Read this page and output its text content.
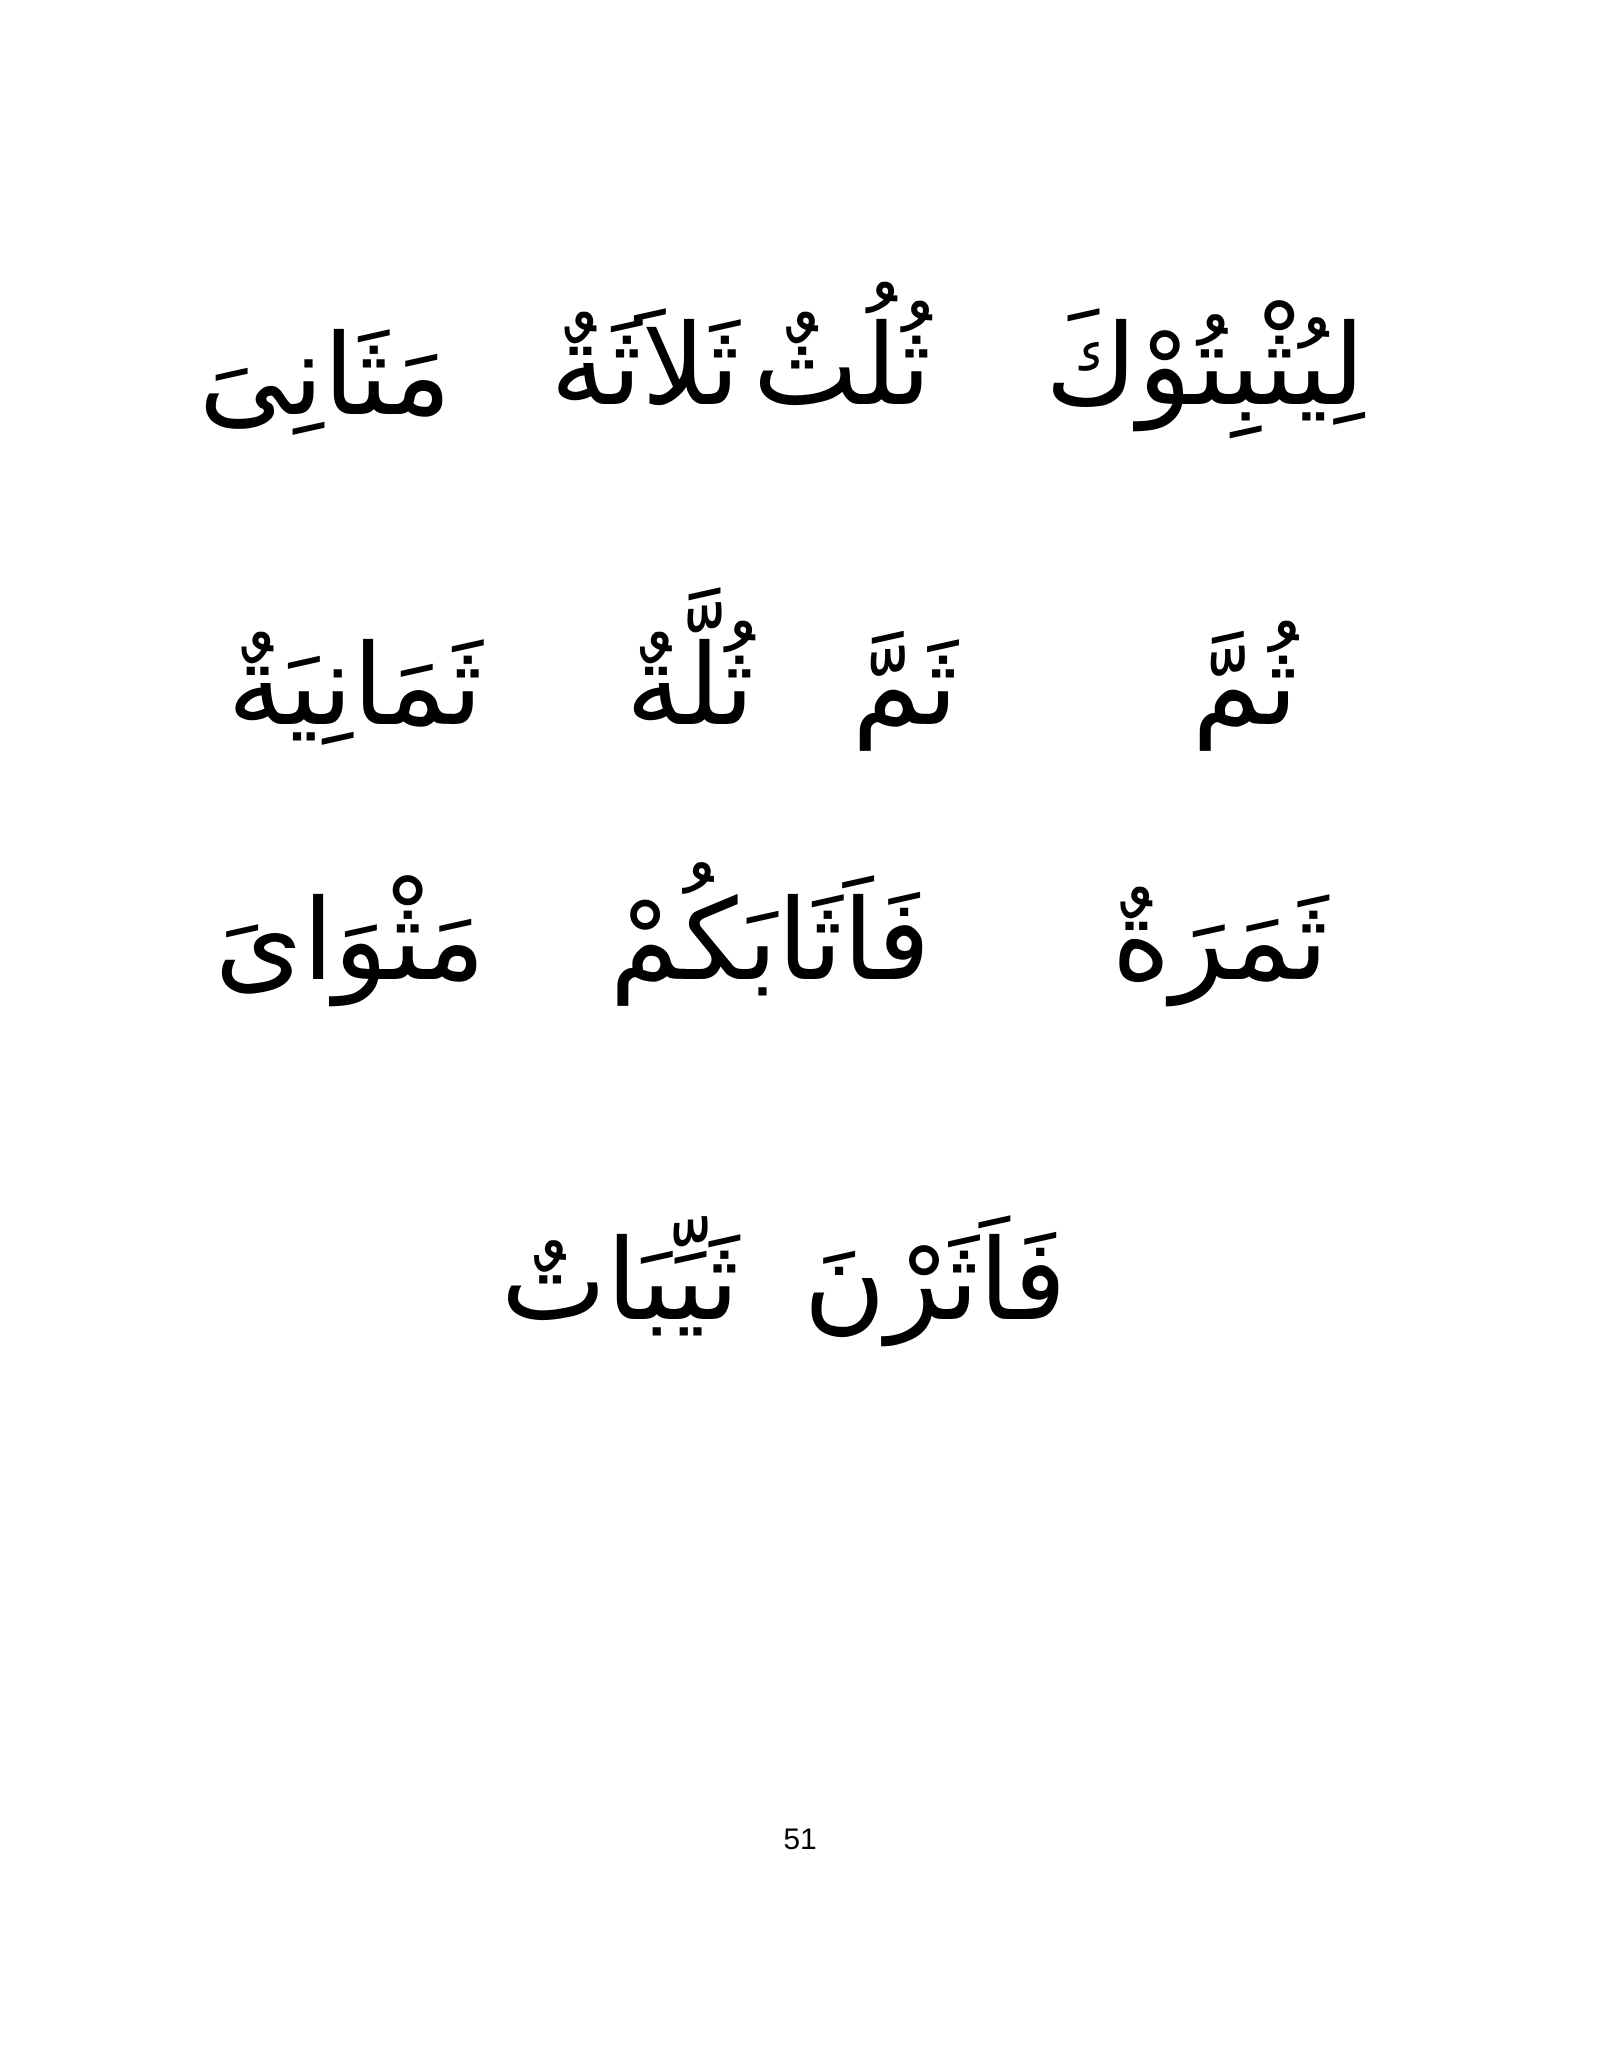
لِيُثْبِتُوْكَ
ثُلُثٌ
ثَلاَثَةٌ
مَثَانِىَ
ثُمَّ
ثَمَّ
ثُلَّةٌ
ثَمَانِيَةٌ
ثَمَرَةٌ
فَاَثَابَكُمْ
مَثْوَاىَ
فَاَثَرْنَ
ثَيِّبَاتٌ
51
